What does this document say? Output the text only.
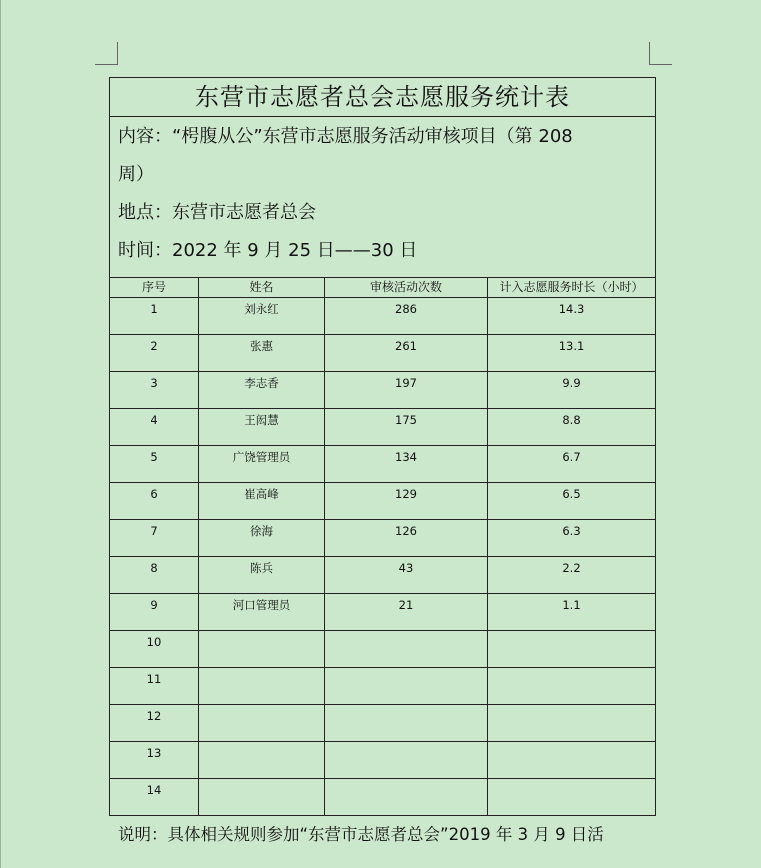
东营市志愿者总会志愿服务统计表			

内容：“枵腹从公”东营市志愿服务活动审核项目（第 208
周）
地点：东营市志愿者总会
时间：2022 年 9 月 25 日——30 日			

序号	姓名	审核活动次数	计入志愿服务时长（小时）
1	刘永红	286	14.3
2	张惠	261	13.1
3	李志香	197	9.9
4	王闳慧	175	8.8
5	广饶管理员	134	6.7
6	崔高峰	129	6.5
7	徐海	126	6.3
8	陈兵	43	2.2
9	河口管理员	21	1.1
10			
11			
12			
13			
14			
说明：具体相关规则参加“东营市志愿者总会”2019 年 3 月 9 日活
